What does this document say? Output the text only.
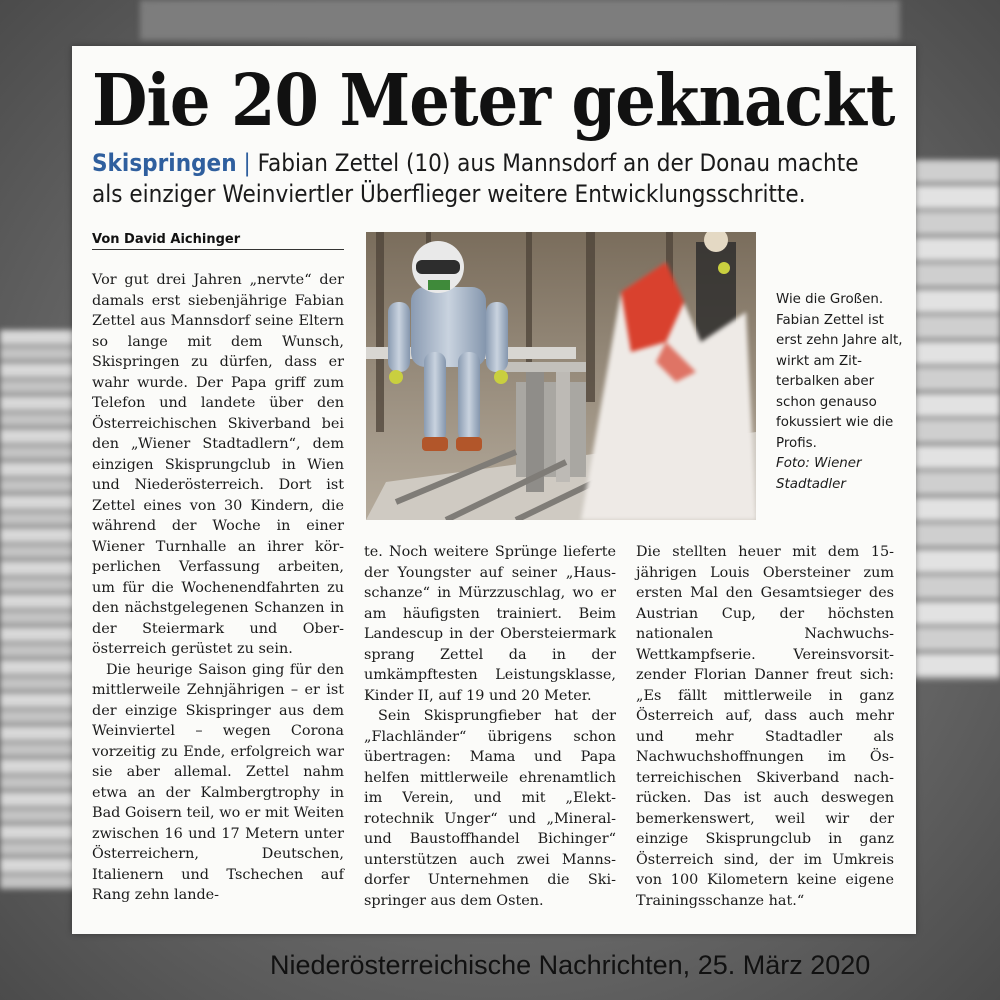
Die 20 Meter geknackt
Skispringen | Fabian Zettel (10) aus Mannsdorf an der Donau machte
als einziger Weinviertler Überflieger weitere Entwicklungsschritte.
Von David Aichinger

Vor gut drei Jahren „nervte“ der damals erst siebenjährige Fabian Zettel aus Mannsdorf seine Eltern so lange mit dem Wunsch, Skispringen zu dürfen, dass er wahr wurde. Der Papa griff zum Telefon und landete über den Österreichischen Skiverband bei den „Wiener Stadtadlern“, dem einzigen Skisprungclub in Wien und Niederösterreich. Dort ist Zettel eines von 30 Kindern, die während der Woche in einer Wiener Turnhalle an ihrer körperlichen Verfassung arbeiten, um für die Wochenendfahrten zu den nächstgelegenen Schanzen in der Steiermark und Oberösterreich gerüstet zu sein.

Die heurige Saison ging für den mittlerweile Zehnjährigen – er ist der einzige Skispringer aus dem Weinviertel – wegen Corona vorzeitig zu Ende, erfolgreich war sie aber allemal. Zettel nahm etwa an der Kalmbergtrophy in Bad Goisern teil, wo er mit Weiten zwischen 16 und 17 Metern unter Österreichern, Deutschen, Italienern und Tschechen auf Rang zehn lande-

Wie die Großen. Fabian Zettel ist erst zehn Jahre alt, wirkt am Zitterbalken aber schon genauso fokussiert wie die Profis.
Foto: Wiener Stadtadler

te. Noch weitere Sprünge lieferte der Youngster auf seiner „Hausschanze“ in Mürzzuschlag, wo er am häufigsten trainiert. Beim Landescup in der Obersteiermark sprang Zettel da in der umkämpftesten Leistungsklasse, Kinder II, auf 19 und 20 Meter.

Sein Skisprungfieber hat der „Flachländer“ übrigens schon übertragen: Mama und Papa helfen mittlerweile ehrenamtlich im Verein, und mit „Elektrotechnik Unger“ und „Mineral- und Baustoffhandel Bichinger“ unterstützen auch zwei Mannsdorfer Unternehmen die Skispringer aus dem Osten.

Die stellten heuer mit dem 15-jährigen Louis Obersteiner zum ersten Mal den Gesamtsieger des Austrian Cup, der höchsten nationalen Nachwuchs-Wettkampfserie. Vereinsvorsitzender Florian Danner freut sich: „Es fällt mittlerweile in ganz Österreich auf, dass auch mehr und mehr Stadtadler als Nachwuchshoffnungen im Österreichischen Skiverband nachrücken. Das ist auch deswegen bemerkenswert, weil wir der einzige Skisprungclub in ganz Österreich sind, der im Umkreis von 100 Kilometern keine eigene Trainingsschanze hat.“

Niederösterreichische Nachrichten, 25. März 2020
